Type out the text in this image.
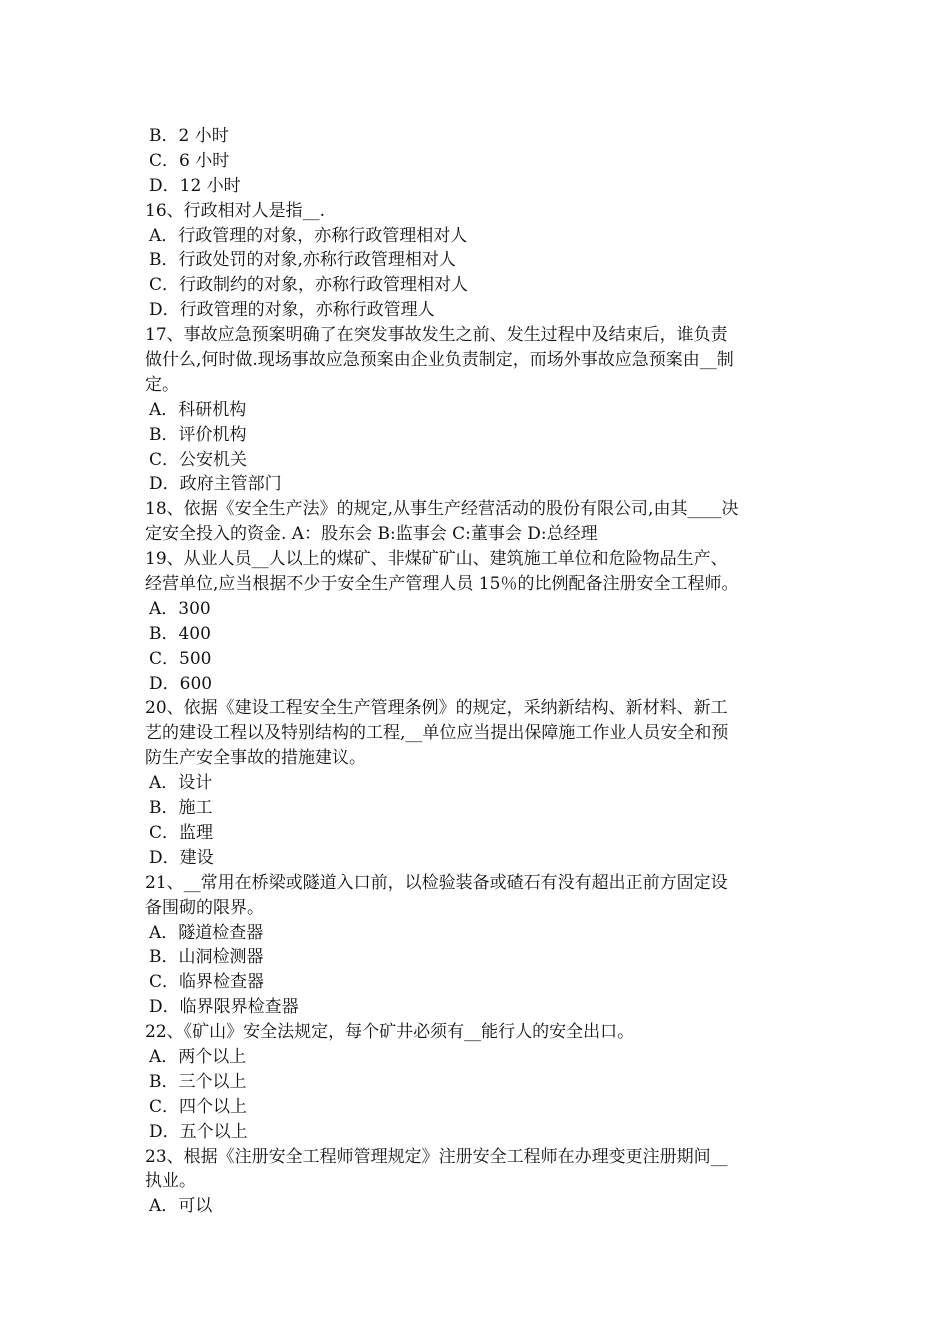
B．2 小时
C．6 小时
D．12 小时
16、行政相对人是指__.
A．行政管理的对象，亦称行政管理相对人
B．行政处罚的对象,亦称行政管理相对人
C．行政制约的对象，亦称行政管理相对人
D．行政管理的对象，亦称行政管理人
17、事故应急预案明确了在突发事故发生之前、发生过程中及结束后，谁负责
做什么,何时做.现场事故应急预案由企业负责制定，而场外事故应急预案由__制
定。
A．科研机构
B．评价机构
C．公安机关
D．政府主管部门
18、依据《安全生产法》的规定,从事生产经营活动的股份有限公司,由其____决
定安全投入的资金. A：股东会 B:监事会 C:董事会 D:总经理
19、从业人员__人以上的煤矿、非煤矿矿山、建筑施工单位和危险物品生产、
经营单位,应当根据不少于安全生产管理人员 15％的比例配备注册安全工程师。
A．300
B．400
C．500
D．600
20、依据《建设工程安全生产管理条例》的规定，采纳新结构、新材料、新工
艺的建设工程以及特别结构的工程,__单位应当提出保障施工作业人员安全和预
防生产安全事故的措施建议。
A．设计
B．施工
C．监理
D．建设
21、__常用在桥梁或隧道入口前，以检验装备或碴石有没有超出正前方固定设
备围砌的限界。
A．隧道检查器
B．山洞检测器
C．临界检查器
D．临界限界检查器
22、《矿山》安全法规定，每个矿井必须有__能行人的安全出口。
A．两个以上
B．三个以上
C．四个以上
D．五个以上
23、根据《注册安全工程师管理规定》注册安全工程师在办理变更注册期间__
执业。
A．可以
